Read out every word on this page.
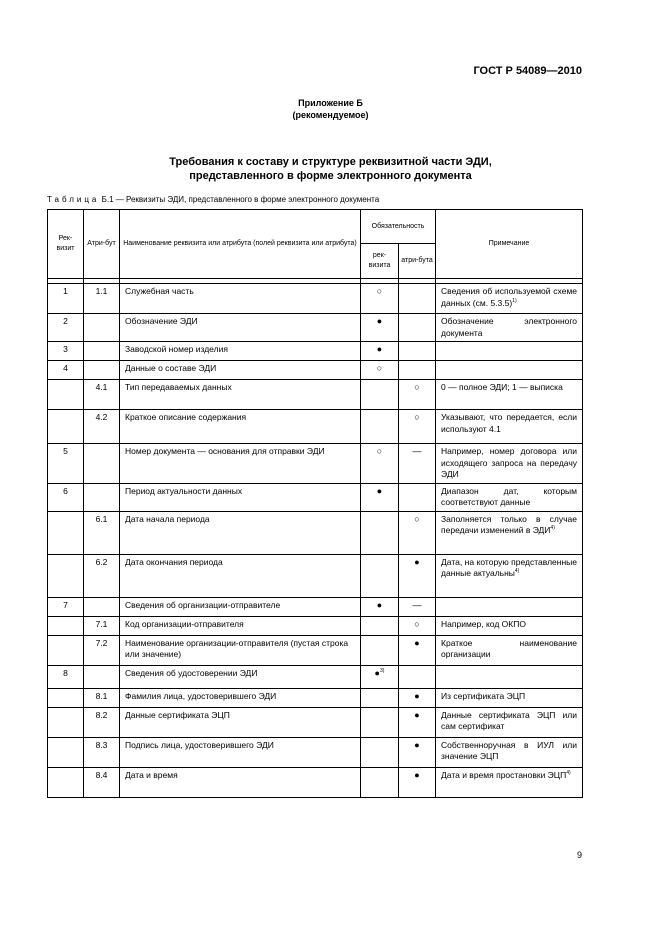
ГОСТ Р 54089—2010
Приложение Б
(рекомендуемое)
Требования к составу и структуре реквизитной части ЭДИ,
представленного в форме электронного документа
Таблица Б.1 — Реквизиты ЭДИ, представленного в форме электронного документа
Рек-визит	Атри-бут	Наименование реквизита или атрибута (полей реквизита или атрибута)	Обязательность		Примечание
			рек-визита	атри-бута	

1	1.1	Служебная часть	○		Сведения об используемой схеме данных (см. 5.3.5)$^{1)}$
2		Обозначение ЭДИ	●		Обозначение электронного документа
3		Заводской номер изделия	●		
4		Данные о составе ЭДИ	○		
	4.1	Тип передаваемых данных		○	0 — полное ЭДИ; 1 — выписка
	4.2	Краткое описание содержания		○	Указывают, что передается, если используют 4.1
5		Номер документа — основания для отправки ЭДИ	○	—	Например, номер договора или исходящего запроса на передачу ЭДИ
6		Период актуальности данных	●		Диапазон дат, которым соответствуют данные
	6.1	Дата начала периода		○	Заполняется только в случае передачи изменений в ЭДИ$^{4)}$
	6.2	Дата окончания периода		●	Дата, на которую представленные данные актуальны$^{4)}$
7		Сведения об организации-отправителе	●	—	
	7.1	Код организации-отправителя		○	Например, код ОКПО
	7.2	Наименование организации-отправителя (пустая строка или значение)		●	Краткое наименование организации
8		Сведения об удостоверении ЭДИ	●$^{3)}$		
	8.1	Фамилия лица, удостоверившего ЭДИ		●	Из сертификата ЭЦП
	8.2	Данные сертификата ЭЦП		●	Данные сертификата ЭЦП или сам сертификат
	8.3	Подпись лица, удостоверившего ЭДИ		●	Собственноручная в ИУЛ или значение ЭЦП
	8.4	Дата и время		●	Дата и время простановки ЭЦП$^{4)}$
9
